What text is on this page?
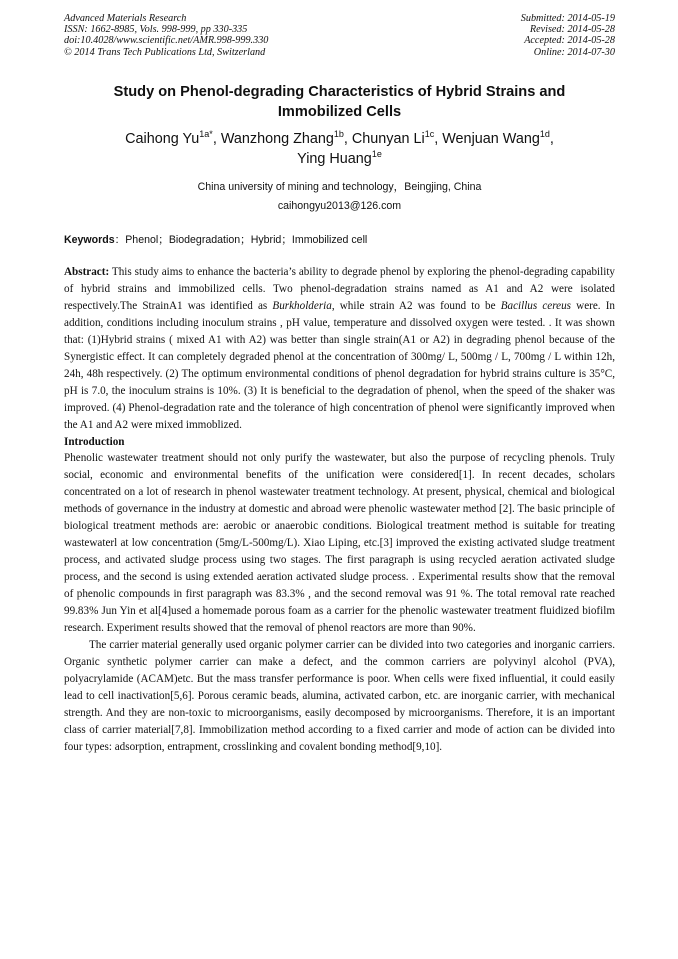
Advanced Materials Research
ISSN: 1662-8985, Vols. 998-999, pp 330-335
doi:10.4028/www.scientific.net/AMR.998-999.330
© 2014 Trans Tech Publications Ltd, Switzerland
Submitted: 2014-05-19
Revised: 2014-05-28
Accepted: 2014-05-28
Online: 2014-07-30
Study on Phenol-degrading Characteristics of Hybrid Strains and
Immobilized Cells
Caihong $Yu^{1a*}$, Wanzhong Zhang$^{1b}$, Chunyan $Li^{1c}$, Wenjuan Wang$^{1d}$,
Ying Huang$^{1e}$
China university of mining and technology，Beingjing, China
caihongyu2013@126.com
Keywords：Phenol；Biodegradation；Hybrid；Immobilized cell

Abstract: This study aims to enhance the bacteria’s ability to degrade phenol by exploring the phenol-degrading capability of hybrid strains and immobilized cells. Two phenol-degradation strains named as A1 and A2 were isolated respectively.The StrainA1 was identified as Burkholderia, while strain A2 was found to be Bacillus cereus were. In addition, conditions including inoculum strains , pH value, temperature and dissolved oxygen were tested. . It was shown that: (1)Hybrid strains ( mixed A1 with A2) was better than single strain(A1 or A2) in degrading phenol because of the Synergistic effect. It can completely degraded phenol at the concentration of 300mg/ L, 500mg / L, 700mg / L within 12h, 24h, 48h respectively. (2) The optimum environmental conditions of phenol degradation for hybrid strains culture is 35°C, pH is 7.0, the inoculum strains is 10%. (3) It is beneficial to the degradation of phenol, when the speed of the shaker was improved. (4) Phenol-degradation rate and the tolerance of high concentration of phenol were significantly improved when the A1 and A2 were mixed immoblized.

Introduction

Phenolic wastewater treatment should not only purify the wastewater, but also the purpose of recycling phenols. Truly social, economic and environmental benefits of the unification were considered[1]. In recent decades, scholars concentrated on a lot of research in phenol wastewater treatment technology. At present, physical, chemical and biological methods of governance in the industry at domestic and abroad were phenolic wastewater method [2]. The basic principle of biological treatment methods are: aerobic or anaerobic conditions. Biological treatment method is suitable for treating wastewaterl at low concentration (5mg/L-500mg/L). Xiao Liping, etc.[3] improved the existing activated sludge treatment process, and activated sludge process using two stages. The first paragraph is using recycled aeration activated sludge process, and the second is using extended aeration activated sludge process. . Experimental results show that the removal of phenolic compounds in first paragraph was 83.3% , and the second removal was 91 %. The total removal rate reached 99.83% Jun Yin et al[4]used a homemade porous foam as a carrier for the phenolic wastewater treatment fluidized biofilm research. Experiment results showed that the removal of phenol reactors are more than 90%.

The carrier material generally used organic polymer carrier can be divided into two categories and inorganic carriers. Organic synthetic polymer carrier can make a defect, and the common carriers are polyvinyl alcohol (PVA), polyacrylamide (ACAM)etc. But the mass transfer performance is poor. When cells were fixed influential, it could easily lead to cell inactivation[5,6]. Porous ceramic beads, alumina, activated carbon, etc. are inorganic carrier, with mechanical strength. And they are non-toxic to microorganisms, easily decomposed by microorganisms. Therefore, it is an important class of carrier material[7,8]. Immobilization method according to a fixed carrier and mode of action can be divided into four types: adsorption, entrapment, crosslinking and covalent bonding method[9,10].
